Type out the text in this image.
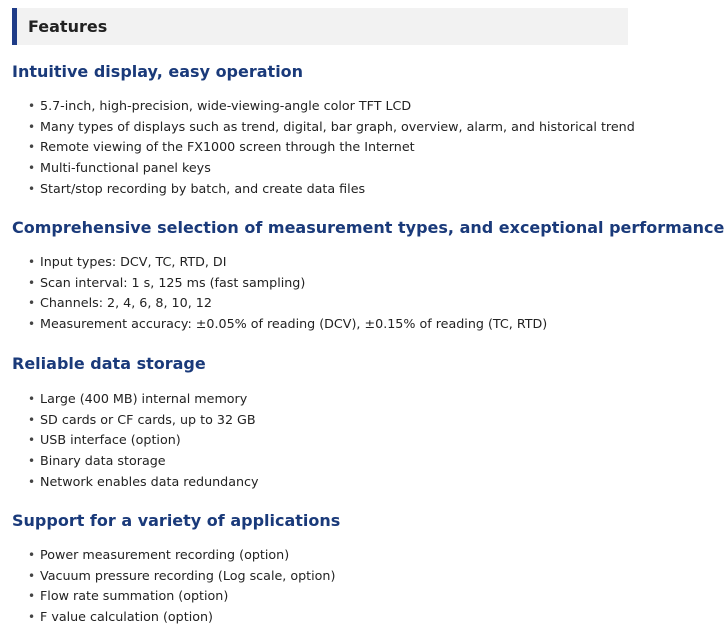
Features
Intuitive display, easy operation
• 5.7-inch, high-precision, wide-viewing-angle color TFT LCD
• Many types of displays such as trend, digital, bar graph, overview, alarm, and historical trend
• Remote viewing of the FX1000 screen through the Internet
• Multi-functional panel keys
• Start/stop recording by batch, and create data files
Comprehensive selection of measurement types, and exceptional performance
• Input types: DCV, TC, RTD, DI
• Scan interval: 1 s, 125 ms (fast sampling)
• Channels: 2, 4, 6, 8, 10, 12
• Measurement accuracy: ±0.05% of reading (DCV), ±0.15% of reading (TC, RTD)
Reliable data storage
• Large (400 MB) internal memory
• SD cards or CF cards, up to 32 GB
• USB interface (option)
• Binary data storage
• Network enables data redundancy
Support for a variety of applications
• Power measurement recording (option)
• Vacuum pressure recording (Log scale, option)
• Flow rate summation (option)
• F value calculation (option)
